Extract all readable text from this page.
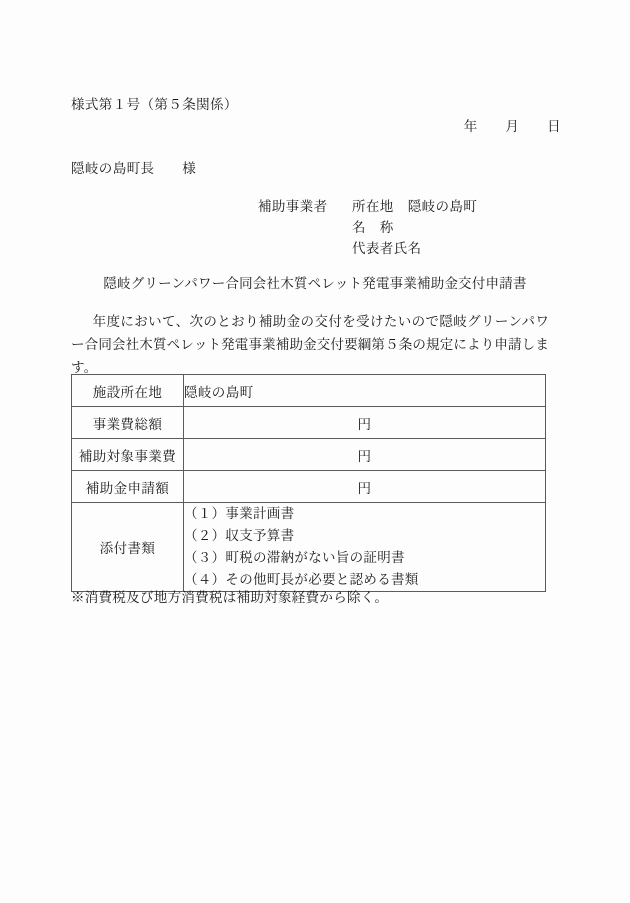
様式第１号（第５条関係）
年　　月　　日
隠岐の島町長　　様
補助事業者	所在地	隠岐の島町
名　称
代表者氏名
隠岐グリーンパワー合同会社木質ペレット発電事業補助金交付申請書
年度において、次のとおり補助金の交付を受けたいので隠岐グリーンパワー合同会社木質ペレット発電事業補助金交付要綱第５条の規定により申請します。
施設所在地	隠岐の島町
事業費総額	円
補助対象事業費	円
補助金申請額	円
添付書類	（１）事業計画書
（２）収支予算書
（３）町税の滞納がない旨の証明書
（４）その他町長が必要と認める書類
※消費税及び地方消費税は補助対象経費から除く。
